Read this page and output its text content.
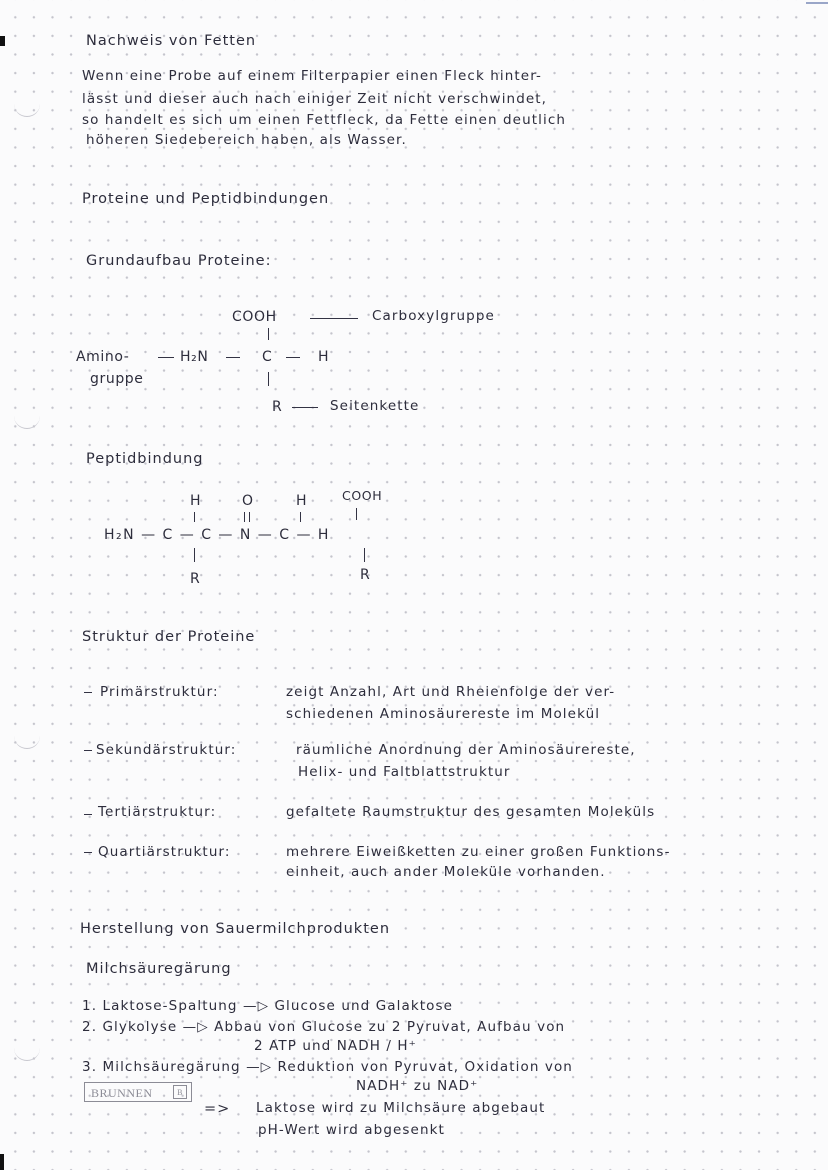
Nachweis von Fetten
Wenn eine Probe auf einem Filterpapier einen Fleck hinter-
lässt und dieser auch nach einiger Zeit nicht verschwindet,
so handelt es sich um einen Fettfleck, da Fette einen deutlich
höheren Siedebereich haben, als Wasser.
Proteine und Peptidbindungen
Grundaufbau Proteine:
COOH	Carboxylgruppe
Amino-
gruppe
H₂N	C	H
R	Seitenkette
Peptidbindung
H	O	H	COOH
H₂N — C — C — N — C — H
R	R
Struktur der Proteine
Primärstruktur:	zeigt Anzahl, Art und Rheienfolge der ver-
schiedenen Aminosäurereste im Molekül
Sekundärstruktur:	räumliche Anordnung der Aminosäurereste,
Helix- und Faltblattstruktur
Tertiärstruktur:	gefaltete Raumstruktur des gesamten Moleküls
Quartiärstruktur:	mehrere Eiweißketten zu einer großen Funktions-
einheit, auch ander Moleküle vorhanden.
Herstellung von Sauermilchprodukten
Milchsäuregärung
1. Laktose-Spaltung —▷ Glucose und Galaktose
2. Glykolyse —▷ Abbau von Glucose zu 2 Pyruvat, Aufbau von
2 ATP und NADH / H⁺
3. Milchsäuregärung —▷ Reduktion von Pyruvat, Oxidation von
NADH⁺ zu NAD⁺
BRUNNEN	B
=> Laktose wird zu Milchsäure abgebaut
pH-Wert wird abgesenkt
